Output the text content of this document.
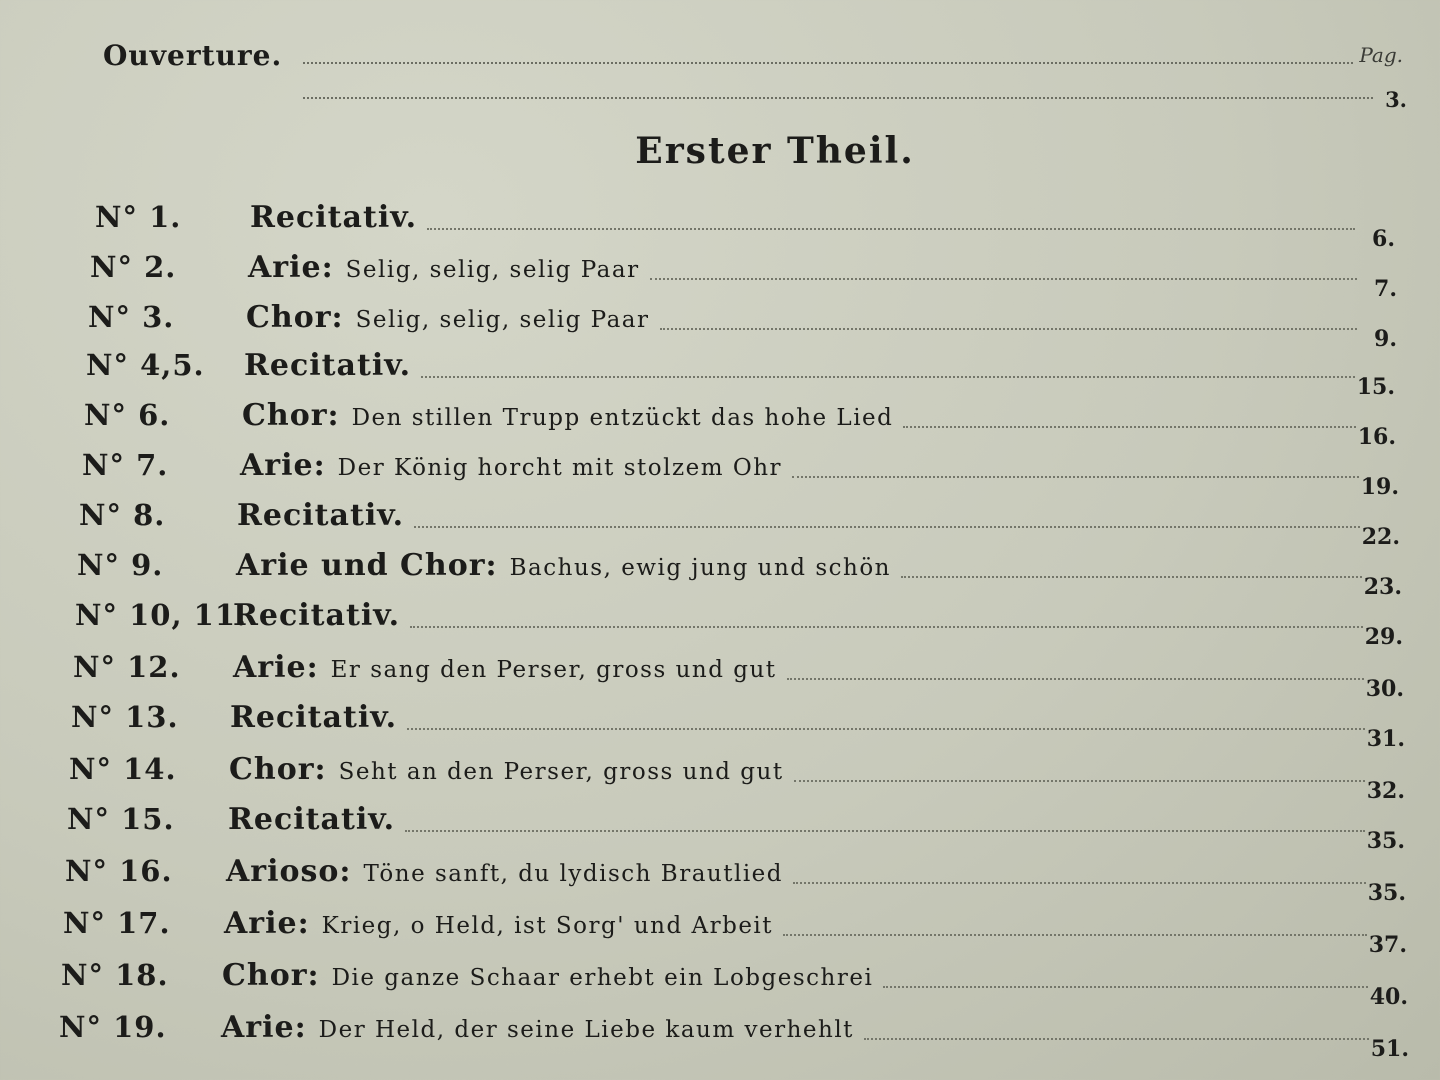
Ouverture.	Pag.
3.
Erster Theil.
N° 1. Recitativ.
6.
N° 2. Arie: Selig, selig, selig Paar
7.
N° 3. Chor: Selig, selig, selig Paar
9.
N° 4,5. Recitativ.
15.
N° 6. Chor: Den stillen Trupp entzückt das hohe Lied
16.
N° 7. Arie: Der König horcht mit stolzem Ohr
19.
N° 8. Recitativ.
22.
N° 9. Arie und Chor: Bachus, ewig jung und schön
23.
N° 10, 11.
Recitativ.
29.
N° 12. Arie: Er sang den Perser, gross und gut
30.
N° 13. Recitativ.
31.
N° 14. Chor: Seht an den Perser, gross und gut
32.
N° 15. Recitativ.
35.
N° 16. Arioso: Töne sanft, du lydisch Brautlied
35.
N° 17. Arie: Krieg, o Held, ist Sorg' und Arbeit
37.
N° 18. Chor: Die ganze Schaar erhebt ein Lobgeschrei
40.
N° 19. Arie: Der Held, der seine Liebe kaum verhehlt
51.
